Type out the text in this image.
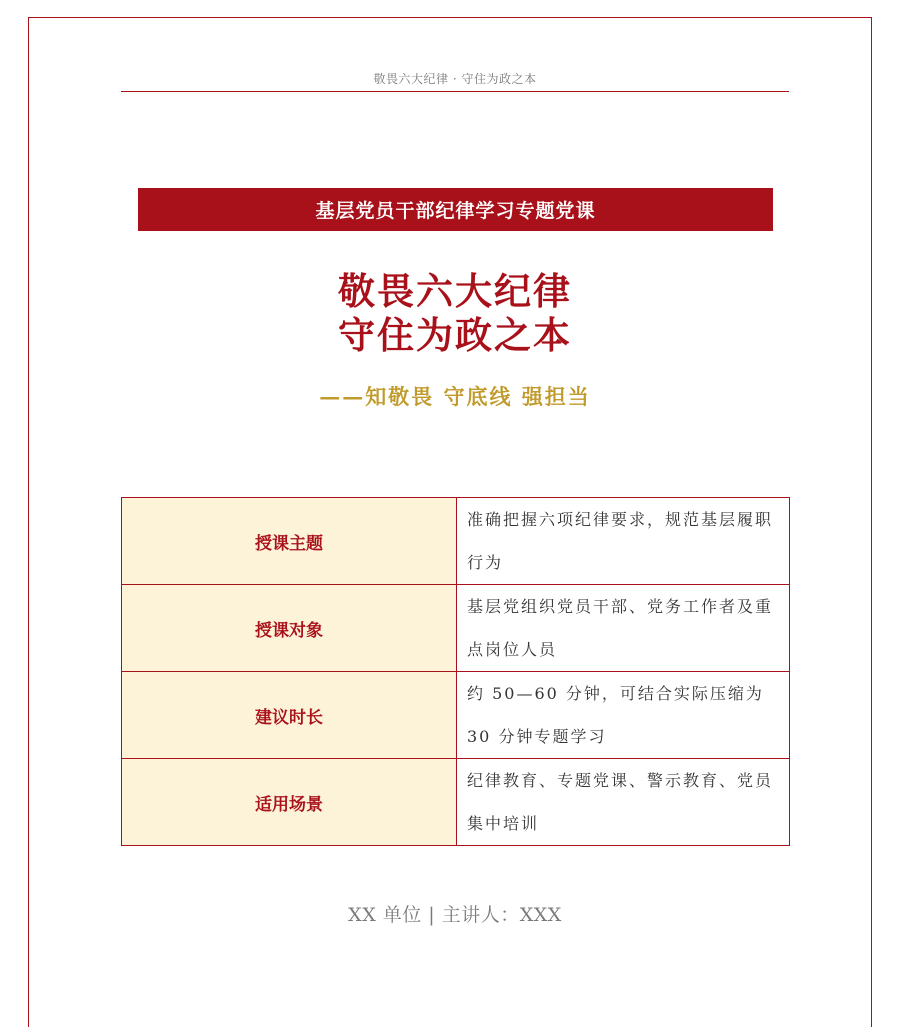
敬畏六大纪律 · 守住为政之本
基层党员干部纪律学习专题党课
敬畏六大纪律
守住为政之本
——知敬畏 守底线 强担当
授课主题	准确把握六项纪律要求，规范基层履职行为
授课对象	基层党组织党员干部、党务工作者及重点岗位人员
建议时长	约 50—60 分钟，可结合实际压缩为 30 分钟专题学习
适用场景	纪律教育、专题党课、警示教育、党员集中培训
XX 单位 | 主讲人：XXX
